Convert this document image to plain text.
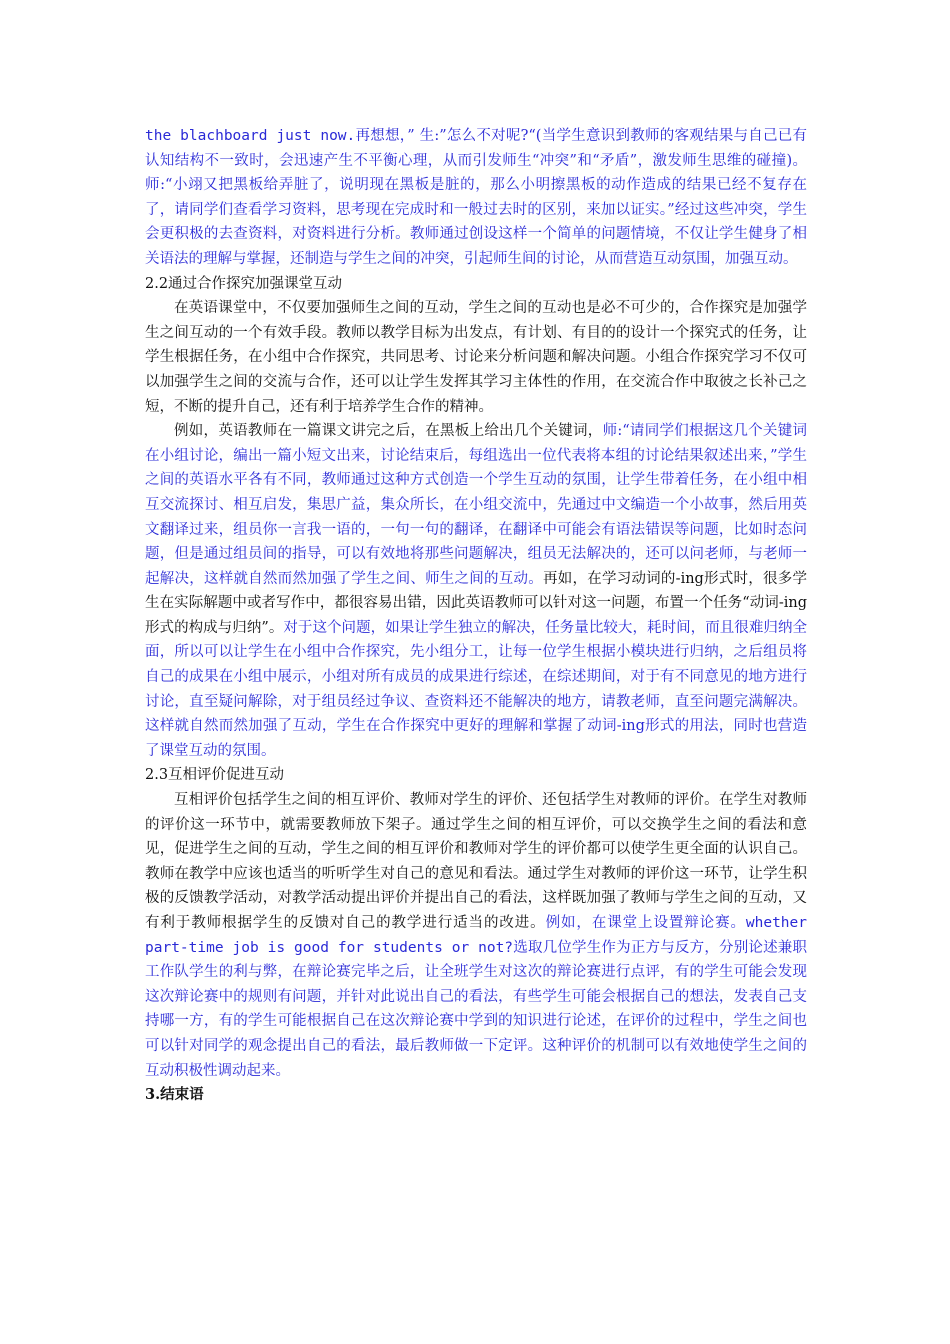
the blachboard just now.再想想，” 生:”怎么不对呢?“(当学生意识到教师的客观结果与自己已有认知结构不一致时，会迅速产生不平衡心理，从而引发师生“冲突”和“矛盾”，激发师生思维的碰撞)。师:“小翊又把黑板给弄脏了，说明现在黑板是脏的，那么小明擦黑板的动作造成的结果已经不复存在了，请同学们查看学习资料，思考现在完成时和一般过去时的区别，来加以证实。”经过这些冲突，学生会更积极的去查资料，对资料进行分析。教师通过创设这样一个简单的问题情境，不仅让学生健身了相关语法的理解与掌握，还制造与学生之间的冲突，引起师生间的讨论，从而营造互动氛围，加强互动。

2.2通过合作探究加强课堂互动

在英语课堂中，不仅要加强师生之间的互动，学生之间的互动也是必不可少的，合作探究是加强学生之间互动的一个有效手段。教师以教学目标为出发点，有计划、有目的的设计一个探究式的任务，让学生根据任务，在小组中合作探究，共同思考、讨论来分析问题和解决问题。小组合作探究学习不仅可以加强学生之间的交流与合作，还可以让学生发挥其学习主体性的作用，在交流合作中取彼之长补己之短，不断的提升自己，还有利于培养学生合作的精神。

例如，英语教师在一篇课文讲完之后，在黑板上给出几个关键词，师:“请同学们根据这几个关键词在小组讨论，编出一篇小短文出来，讨论结束后，每组选出一位代表将本组的讨论结果叙述出来，”学生之间的英语水平各有不同，教师通过这种方式创造一个学生互动的氛围，让学生带着任务，在小组中相互交流探讨、相互启发，集思广益，集众所长，在小组交流中，先通过中文编造一个小故事，然后用英文翻译过来，组员你一言我一语的，一句一句的翻译，在翻译中可能会有语法错误等问题，比如时态问题，但是通过组员间的指导，可以有效地将那些问题解决，组员无法解决的，还可以问老师，与老师一起解决，这样就自然而然加强了学生之间、师生之间的互动。再如，在学习动词的-ing形式时，很多学生在实际解题中或者写作中，都很容易出错，因此英语教师可以针对这一问题，布置一个任务“动词-ing形式的构成与归纳”。对于这个问题，如果让学生独立的解决，任务量比较大，耗时间，而且很难归纳全面，所以可以让学生在小组中合作探究，先小组分工，让每一位学生根据小模块进行归纳，之后组员将自己的成果在小组中展示，小组对所有成员的成果进行综述，在综述期间，对于有不同意见的地方进行讨论，直至疑问解除，对于组员经过争议、查资料还不能解决的地方，请教老师，直至问题完满解决。这样就自然而然加强了互动，学生在合作探究中更好的理解和掌握了动词-ing形式的用法，同时也营造了课堂互动的氛围。

2.3互相评价促进互动

互相评价包括学生之间的相互评价、教师对学生的评价、还包括学生对教师的评价。在学生对教师的评价这一环节中，就需要教师放下架子。通过学生之间的相互评价，可以交换学生之间的看法和意见，促进学生之间的互动，学生之间的相互评价和教师对学生的评价都可以使学生更全面的认识自己。教师在教学中应该也适当的听听学生对自己的意见和看法。通过学生对教师的评价这一环节，让学生积极的反馈教学活动，对教学活动提出评价并提出自己的看法，这样既加强了教师与学生之间的互动，又有利于教师根据学生的反馈对自己的教学进行适当的改进。例如，在课堂上设置辩论赛。whether part-time job is good for students or not?选取几位学生作为正方与反方，分别论述兼职工作队学生的利与弊，在辩论赛完毕之后，让全班学生对这次的辩论赛进行点评，有的学生可能会发现这次辩论赛中的规则有问题，并针对此说出自己的看法，有些学生可能会根据自己的想法，发表自己支持哪一方，有的学生可能根据自己在这次辩论赛中学到的知识进行论述，在评价的过程中，学生之间也可以针对同学的观念提出自己的看法，最后教师做一下定评。这种评价的机制可以有效地使学生之间的互动积极性调动起来。

3.结束语
